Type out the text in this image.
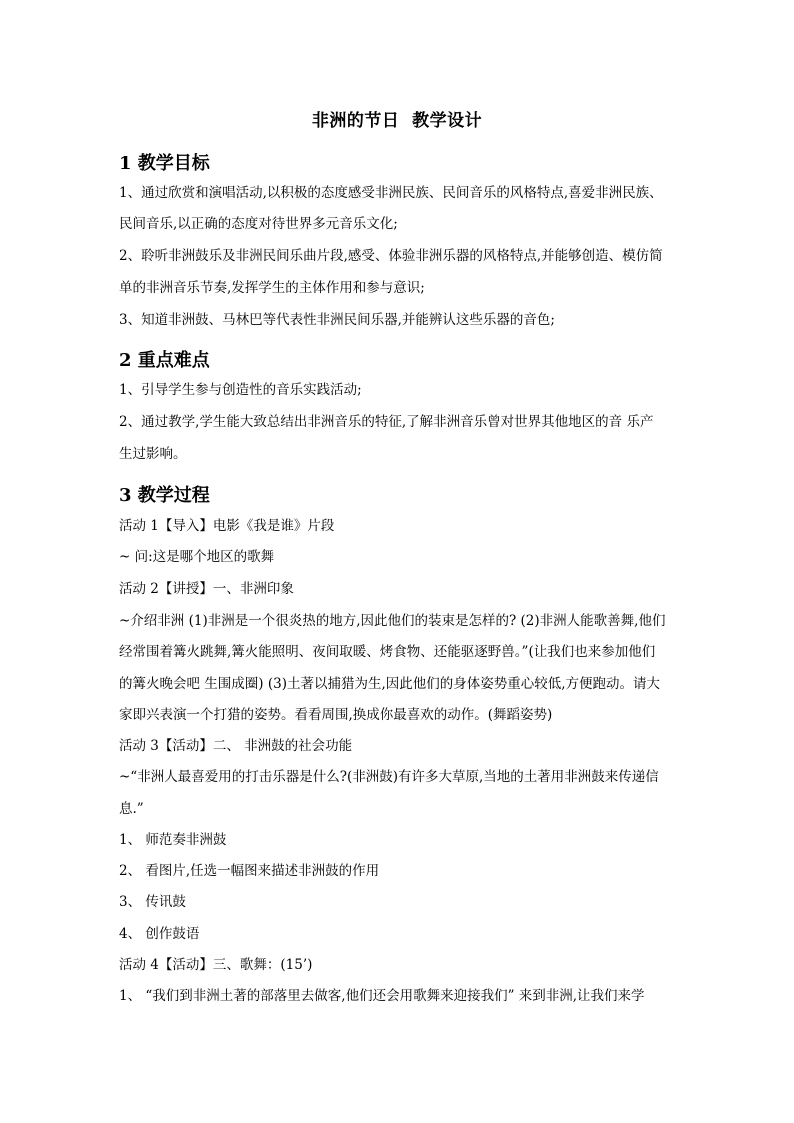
非洲的节日  教学设计
1 教学目标
1、通过欣赏和演唱活动,以积极的态度感受非洲民族、民间音乐的风格特点,喜爱非洲民族、
民间音乐,以正确的态度对待世界多元音乐文化;
2、聆听非洲鼓乐及非洲民间乐曲片段,感受、体验非洲乐器的风格特点,并能够创造、模仿简
单的非洲音乐节奏,发挥学生的主体作用和参与意识;
3、知道非洲鼓、马林巴等代表性非洲民间乐器,并能辨认这些乐器的音色;
2 重点难点
1、引导学生参与创造性的音乐实践活动;
2、通过教学,学生能大致总结出非洲音乐的特征,了解非洲音乐曾对世界其他地区的音 乐产
生过影响。
3 教学过程
活动 1【导入】电影《我是谁》片段
~ 问:这是哪个地区的歌舞
活动 2【讲授】一、非洲印象
~介绍非洲 (1)非洲是一个很炎热的地方,因此他们的装束是怎样的? (2)非洲人能歌善舞,他们
经常围着篝火跳舞,篝火能照明、夜间取暖、烤食物、还能驱逐野兽。”(让我们也来参加他们
的篝火晚会吧 生围成圈) (3)土著以捕猎为生,因此他们的身体姿势重心较低,方便跑动。请大
家即兴表演一个打猎的姿势。看看周围,换成你最喜欢的动作。(舞蹈姿势)
活动 3【活动】二、 非洲鼓的社会功能
~“非洲人最喜爱用的打击乐器是什么?(非洲鼓)有许多大草原,当地的土著用非洲鼓来传递信
息.”
1、 师范奏非洲鼓
2、 看图片,任选一幅图来描述非洲鼓的作用
3、 传讯鼓
4、 创作鼓语
活动 4【活动】三、歌舞：(15’)
1、 “我们到非洲土著的部落里去做客,他们还会用歌舞来迎接我们” 来到非洲,让我们来学
